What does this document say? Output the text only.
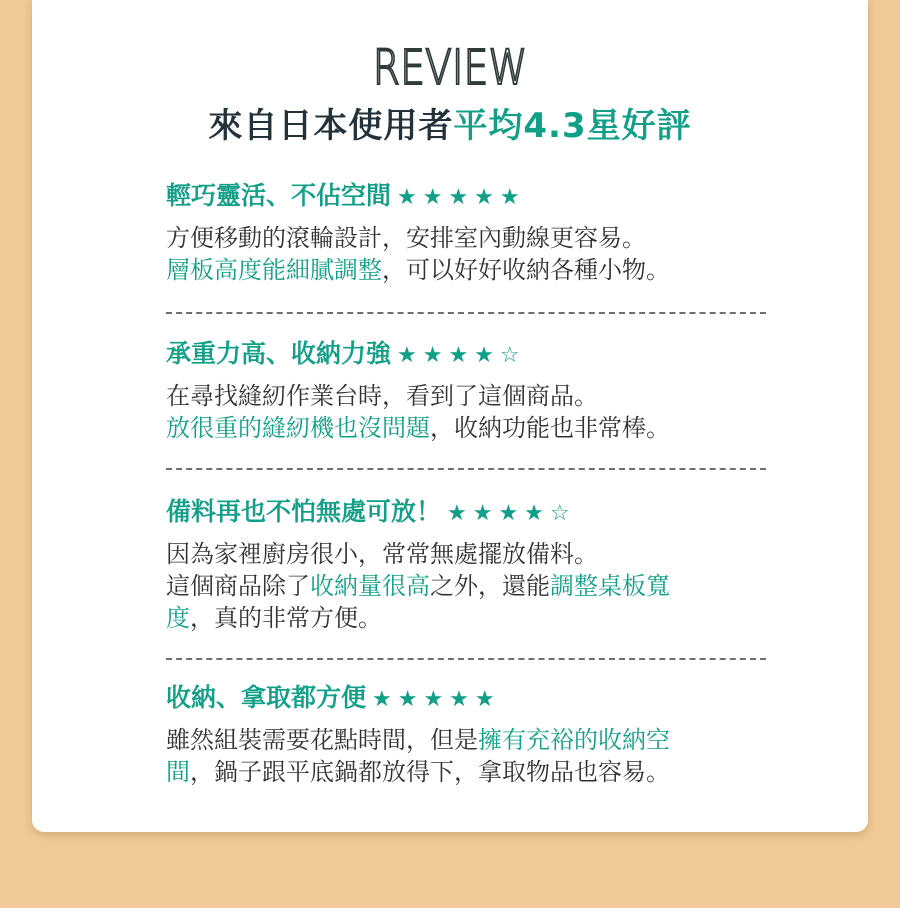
REVIEW
來自日本使用者平均4.3星好評
輕巧靈活、不佔空間 ★★★★★
方便移動的滾輪設計，安排室內動線更容易。
層板高度能細膩調整，可以好好收納各種小物。
承重力高、收納力強 ★★★★☆
在尋找縫紉作業台時，看到了這個商品。
放很重的縫紉機也沒問題，收納功能也非常棒。
備料再也不怕無處可放！ ★★★★☆
因為家裡廚房很小，常常無處擺放備料。
這個商品除了收納量很高之外，還能調整桌板寬
度，真的非常方便。
收納、拿取都方便 ★★★★★
雖然組裝需要花點時間，但是擁有充裕的收納空
間，鍋子跟平底鍋都放得下，拿取物品也容易。
